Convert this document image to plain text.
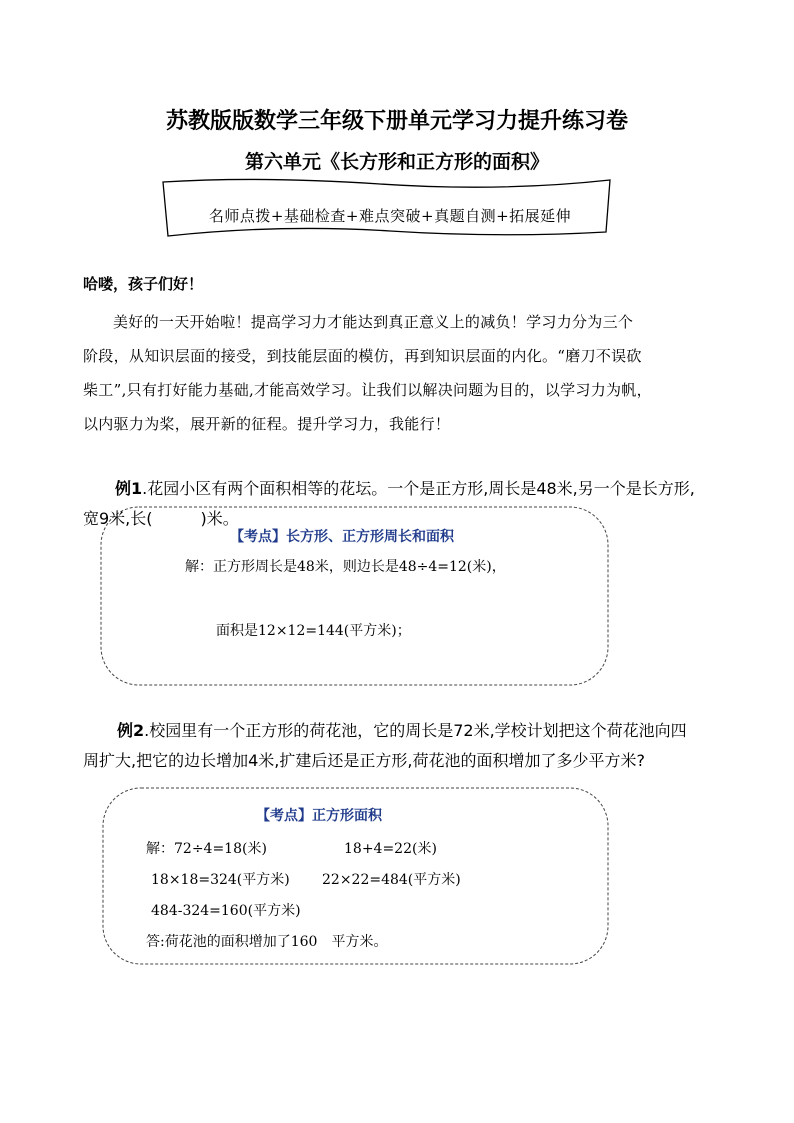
苏教版版数学三年级下册单元学习力提升练习卷
第六单元《长方形和正方形的面积》
名师点拨+基础检查+难点突破+真题自测+拓展延伸
哈喽，孩子们好！
美好的一天开始啦！提高学习力才能达到真正意义上的减负！学习力分为三个
阶段，从知识层面的接受，到技能层面的模仿，再到知识层面的内化。“磨刀不误砍
柴工”,只有打好能力基础,才能高效学习。让我们以解决问题为目的，以学习力为帆，
以内驱力为桨，展开新的征程。提升学习力，我能行！
例1.花园小区有两个面积相等的花坛。一个是正方形,周长是48米,另一个是长方形,
宽9米,长(　　　)米。
【考点】长方形、正方形周长和面积
解：正方形周长是48米，则边长是48÷4=12(米)，
面积是12×12=144(平方米)；
例2.校园里有一个正方形的荷花池，它的周长是72米,学校计划把这个荷花池向四
周扩大,把它的边长增加4米,扩建后还是正方形,荷花池的面积增加了多少平方米?
【考点】正方形面积
解：72÷4=18(米)	18+4=22(米)
18×18=324(平方米) 22×22=484(平方米)
484-324=160(平方米)
答:荷花池的面积增加了160　平方米。
